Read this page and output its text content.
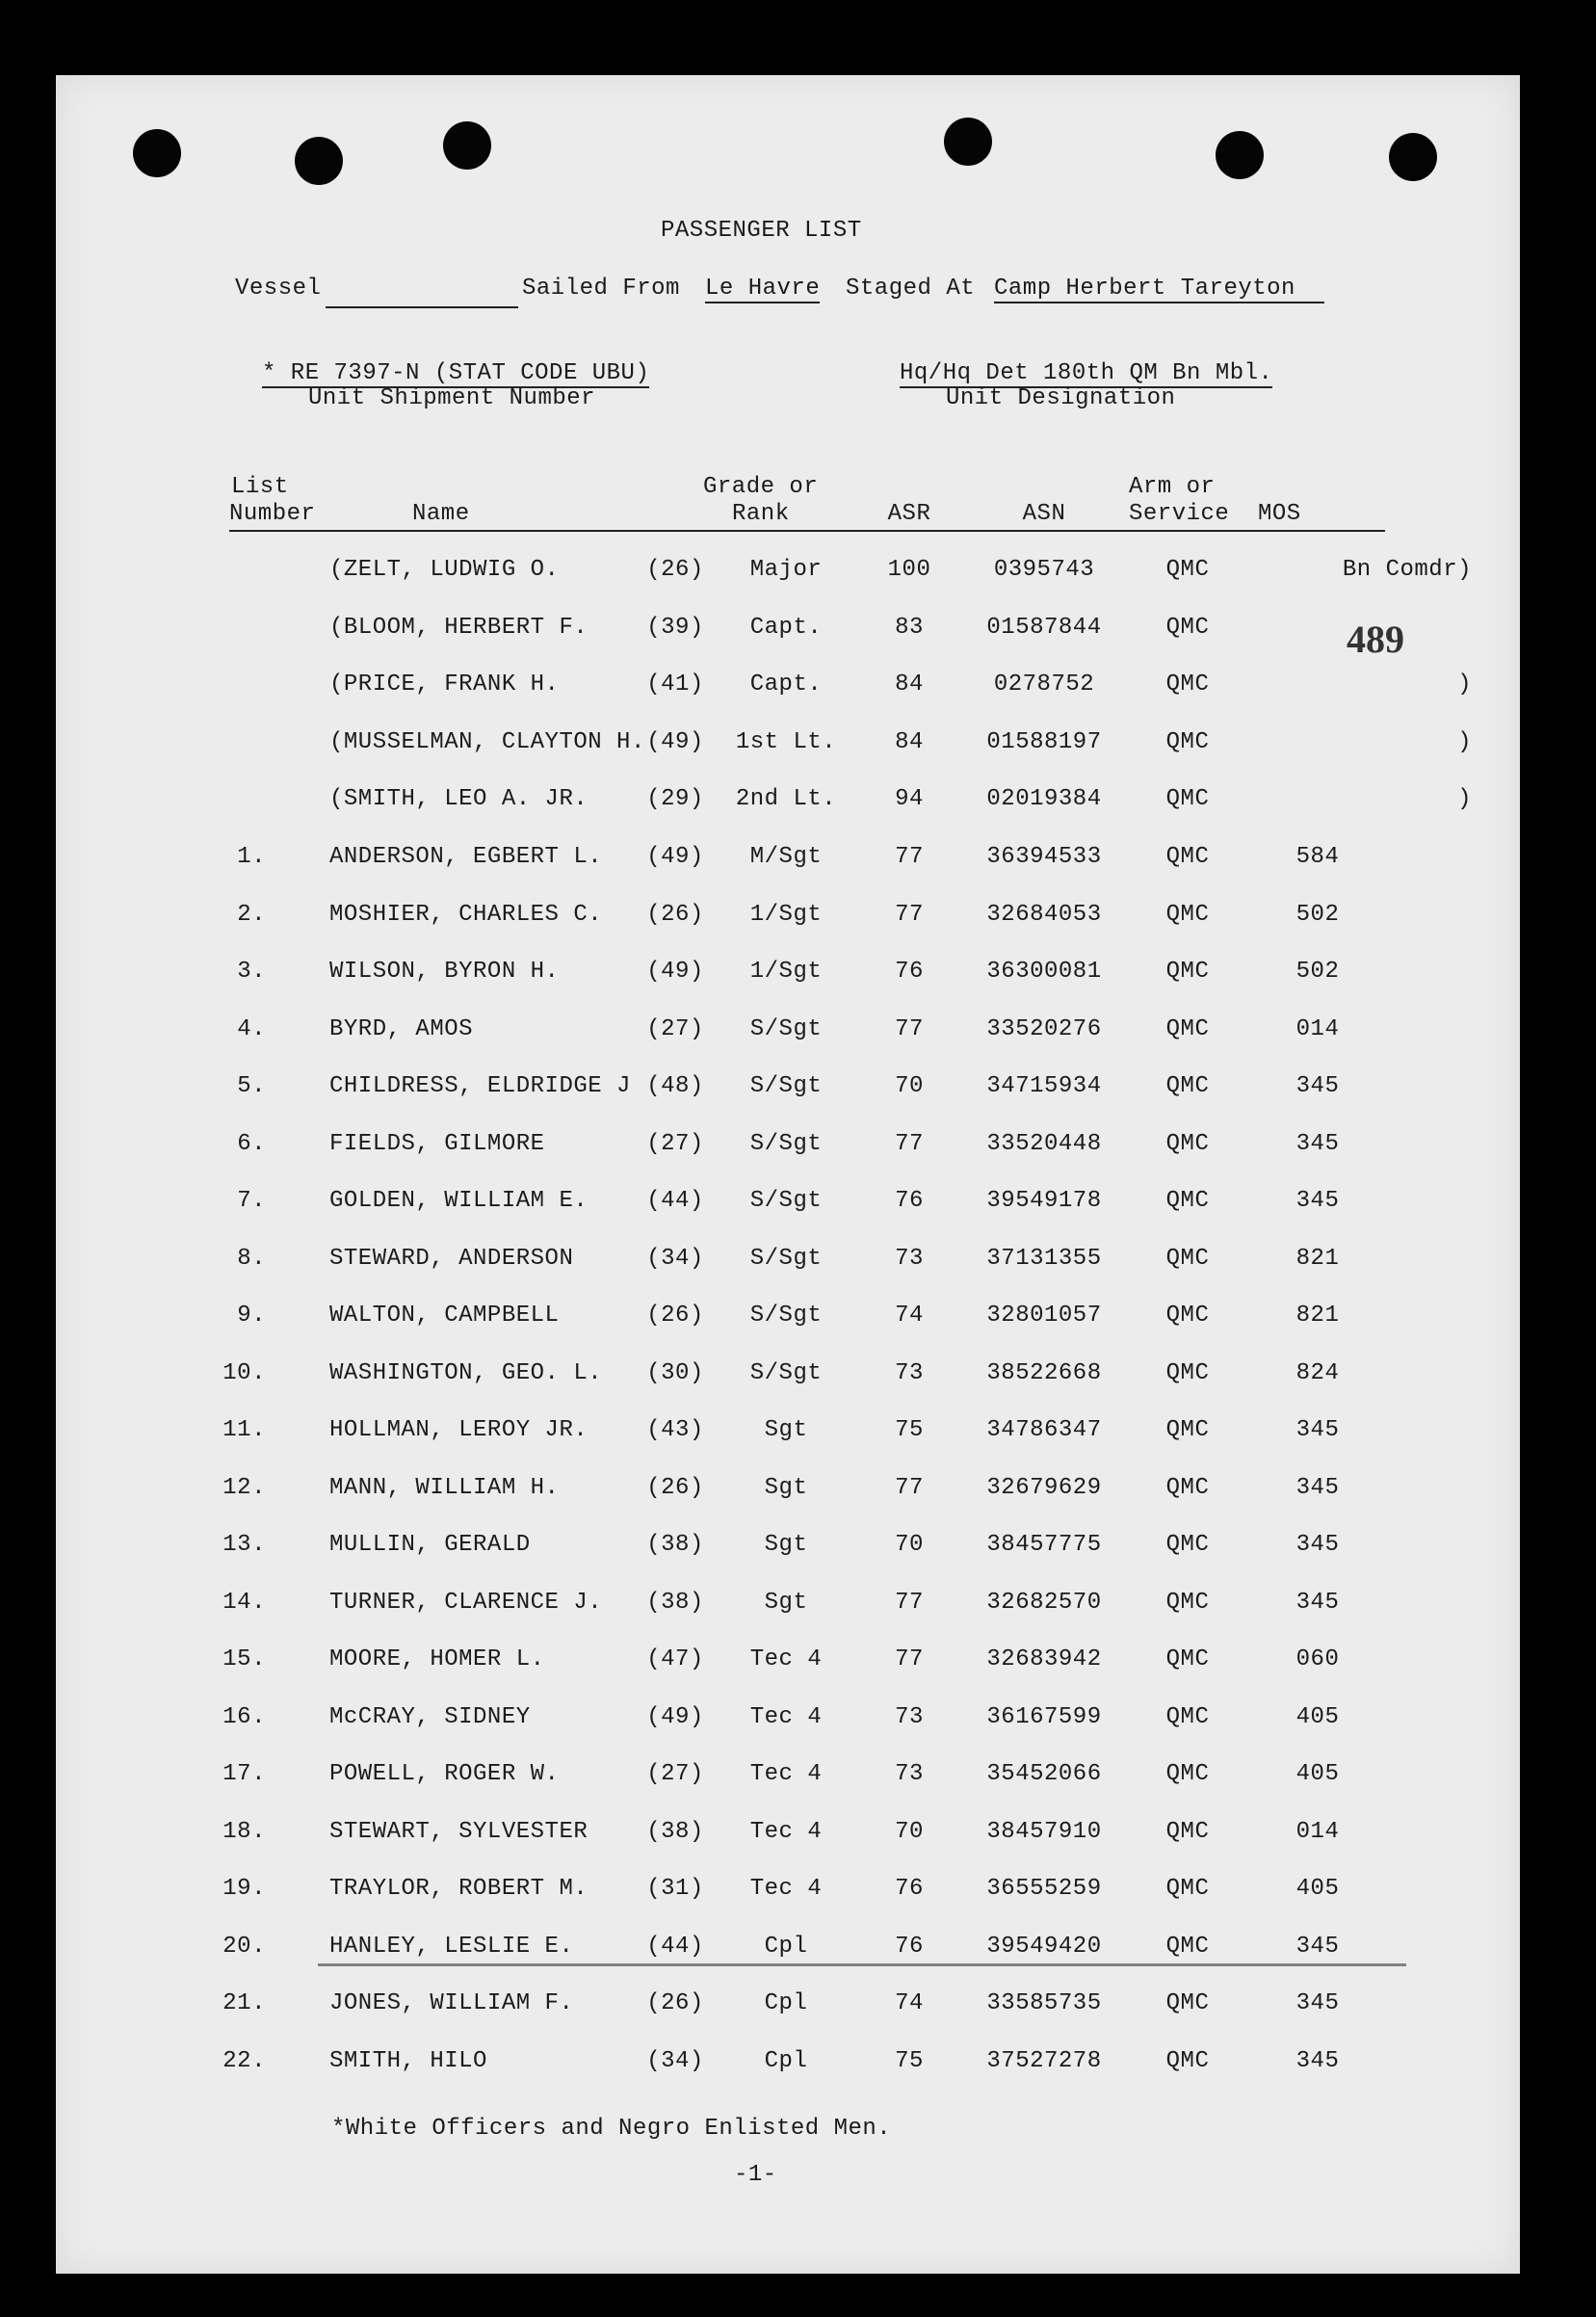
PASSENGER LIST
Vessel	Sailed From Le Havre Staged At Camp Herbert Tareyton
* RE 7397-N (STAT CODE UBU)
Unit Shipment Number
Hq/Hq Det 180th QM Bn Mbl.
Unit Designation
List
Number	Name
Grade or
Rank	ASR	ASN
Arm or
Service MOS
489
(ZELT, LUDWIG O.	(26)	Major	100	0395743	QMC	Bn Comdr)
(BLOOM, HERBERT F.	(39)	Capt.	83	01587844	QMC
(PRICE, FRANK H.	(41)	Capt.	84	0278752	QMC	)
(MUSSELMAN, CLAYTON H. (49)	1st Lt.	84	01588197	QMC	)
(SMITH, LEO A. JR.	(29)	2nd Lt.	94	02019384	QMC	)
1.	ANDERSON, EGBERT L. (49)	M/Sgt	77	36394533	QMC	584
2.	MOSHIER, CHARLES C. (26)	1/Sgt	77	32684053	QMC	502
3.	WILSON, BYRON H.	(49)	1/Sgt	76	36300081	QMC	502
4.	BYRD, AMOS	(27)	S/Sgt	77	33520276	QMC	014
5.	CHILDRESS, ELDRIDGE J (48)	S/Sgt	70	34715934	QMC	345
6.	FIELDS, GILMORE	(27)	S/Sgt	77	33520448	QMC	345
7.	GOLDEN, WILLIAM E.	(44)	S/Sgt	76	39549178	QMC	345
8.	STEWARD, ANDERSON	(34)	S/Sgt	73	37131355	QMC	821
9.	WALTON, CAMPBELL	(26)	S/Sgt	74	32801057	QMC	821
10.	WASHINGTON, GEO. L. (30)	S/Sgt	73	38522668	QMC	824
11.	HOLLMAN, LEROY JR.	(43)	Sgt	75	34786347	QMC	345
12.	MANN, WILLIAM H.	(26)	Sgt	77	32679629	QMC	345
13.	MULLIN, GERALD	(38)	Sgt	70	38457775	QMC	345
14.	TURNER, CLARENCE J. (38)	Sgt	77	32682570	QMC	345
15.	MOORE, HOMER L.	(47)	Tec 4	77	32683942	QMC	060
16.	McCRAY, SIDNEY	(49)	Tec 4	73	36167599	QMC	405
17.	POWELL, ROGER W.	(27)	Tec 4	73	35452066	QMC	405
18.	STEWART, SYLVESTER	(38)	Tec 4	70	38457910	QMC	014
19.	TRAYLOR, ROBERT M.	(31)	Tec 4	76	36555259	QMC	405
20.	HANLEY, LESLIE E.	(44)	Cpl	76	39549420	QMC	345
21.	JONES, WILLIAM F.	(26)	Cpl	74	33585735	QMC	345
22.	SMITH, HILO	(34)	Cpl	75	37527278	QMC	345
*White Officers and Negro Enlisted Men.
-1-
